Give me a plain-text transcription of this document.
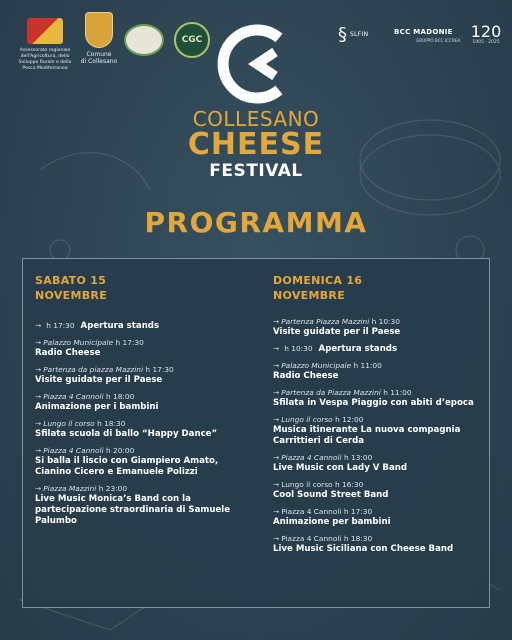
Assessorato regionale dell'Agricoltura, dello Sviluppo Rurale e della Pesca Mediterranea
Comune
di Collesano
CGC	§ SLFIN	BCC MADONIE
GRUPPO BCC ICCREA 120
1905 · 2025
COLLESANO
CHEESE
FESTIVAL
PROGRAMMA
SABATO 15
NOVEMBRE
→ h 17:30 Apertura stands
→ Palazzo Municipale h 17:30
Radio Cheese
→ Partenza da piazza Mazzini h 17:30
Visite guidate per il Paese
→ Piazza 4 Cannoli h 18:00
Animazione per i bambini
→ Lungo il corso h 18:30
Sfilata scuola di ballo “Happy Dance”
→ Piazza 4 Cannoli h 20:00
Si balla il liscio con Giampiero Amato, Cianino Cicero e Emanuele Polizzi
→ Piazza Mazzini h 23:00
Live Music Monica’s Band con la partecipazione straordinaria di Samuele Palumbo
DOMENICA 16
NOVEMBRE
→ Partenza Piazza Mazzini h 10:30
Visite guidate per il Paese
→ h 10:30 Apertura stands
→ Palazzo Municipale h 11:00
Radio Cheese
→ Partenza da Piazza Mazzini h 11:00
Sfilata in Vespa Piaggio con abiti d’epoca
→ Lungo il corso h 12:00
Musica itinerante La nuova compagnia Carrittieri di Cerda
→ Piazza 4 Cannoli h 13:00
Live Music con Lady V Band
→ Lungo il corso h 16:30
Cool Sound Street Band
→ Piazza 4 Cannoli h 17:30
Animazione per bambini
→ Piazza 4 Cannoli h 18:30
Live Music Siciliana con Cheese Band
